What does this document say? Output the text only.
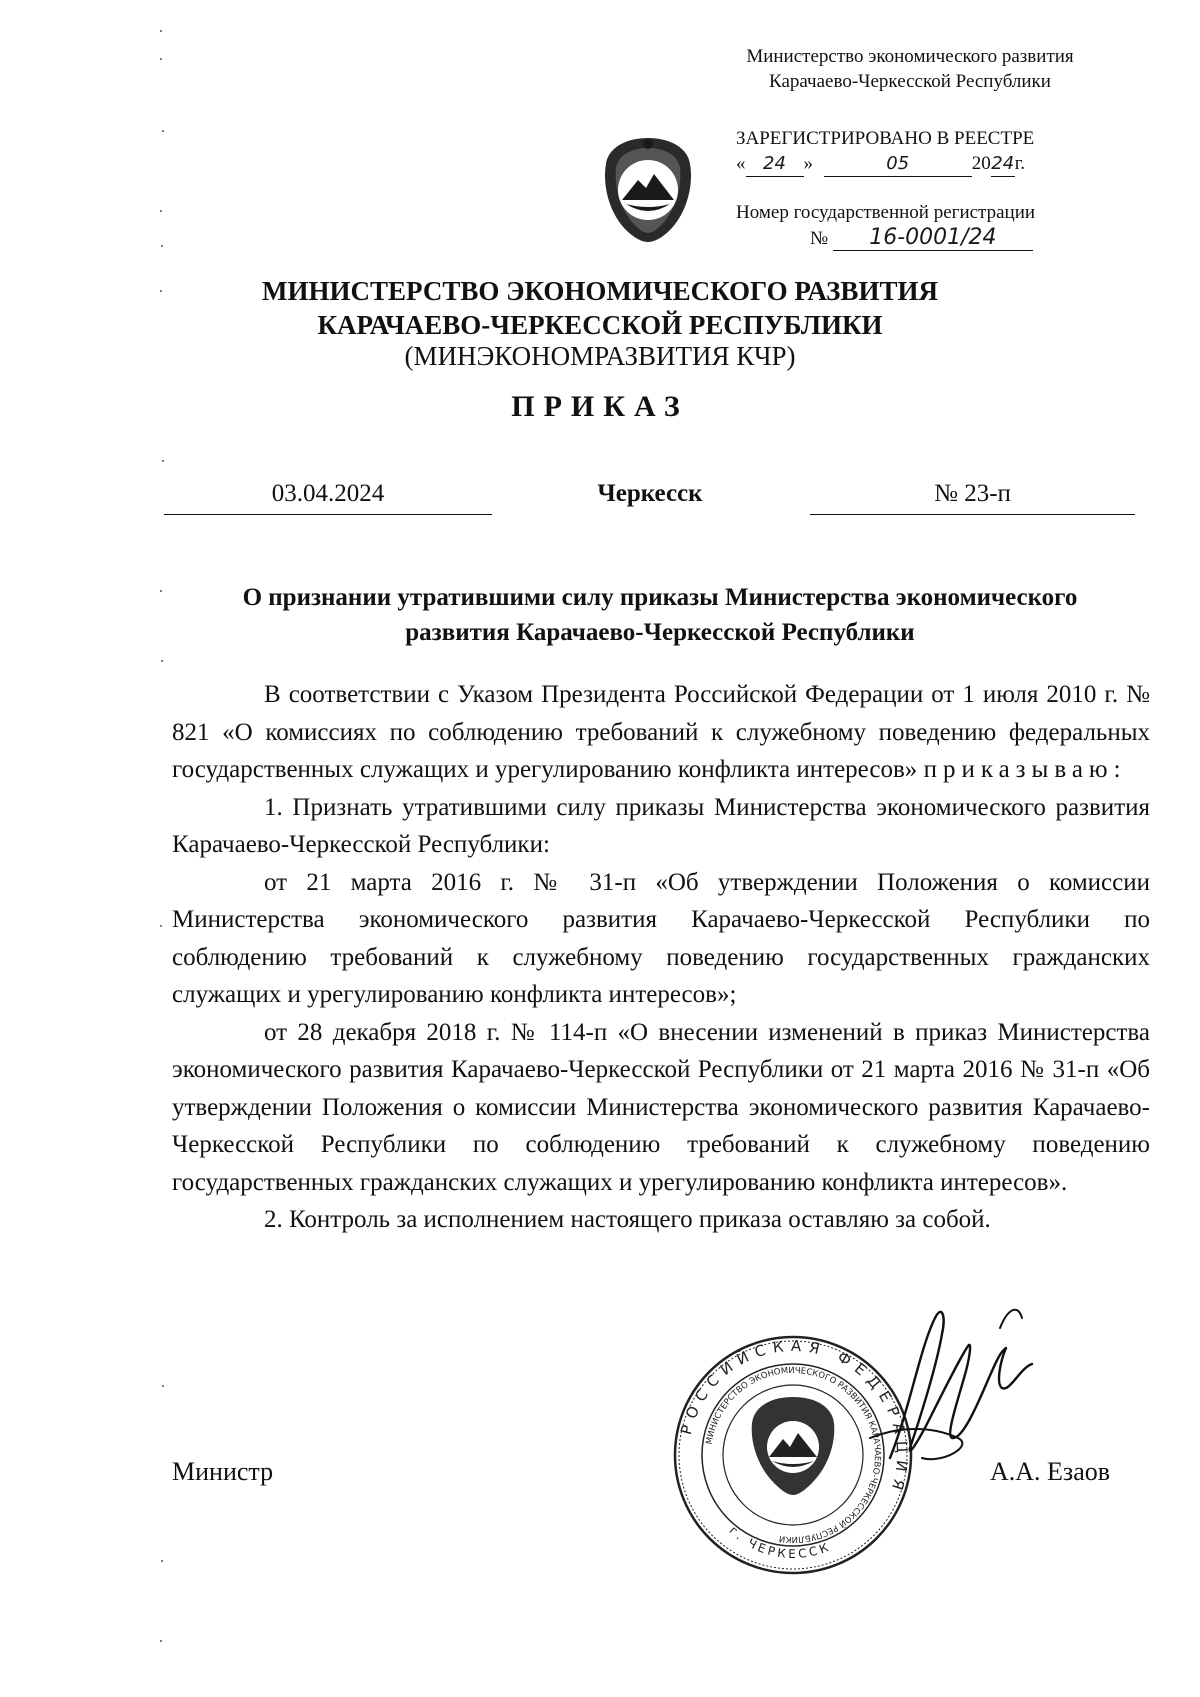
Министерство экономического развития
Карачаево-Черкесской Республики
ЗАРЕГИСТРИРОВАНО В РЕЕСТРЕ
« 24 »	05	2024г.
Номер государственной регистрации
№ 16-0001/24
МИНИСТЕРСТВО ЭКОНОМИЧЕСКОГО РАЗВИТИЯ
КАРАЧАЕВО-ЧЕРКЕССКОЙ РЕСПУБЛИКИ
(МИНЭКОНОМРАЗВИТИЯ КЧР)
ПРИКАЗ
03.04.2024	Черкесск	№ 23-п
О признании утратившими силу приказы Министерства экономического
развития Карачаево-Черкесской Республики

В соответствии с Указом Президента Российской Федерации от 1 июля 2010 г. № 821 «О комиссиях по соблюдению требований к служебному поведению федеральных государственных служащих и урегулированию конфликта интересов» приказываю:

1. Признать утратившими силу приказы Министерства экономического развития Карачаево-Черкесской Республики:

от 21 марта 2016 г. № 31-п «Об утверждении Положения о комиссии Министерства экономического развития Карачаево-Черкесской Республики по соблюдению требований к служебному поведению государственных гражданских служащих и урегулированию конфликта интересов»;

от 28 декабря 2018 г. № 114-п «О внесении изменений в приказ Министерства экономического развития Карачаево-Черкесской Республики от 21 марта 2016 № 31-п «Об утверждении Положения о комиссии Министерства экономического развития Карачаево-Черкесской Республики по соблюдению требований к служебному поведению государственных гражданских служащих и урегулированию конфликта интересов».

2. Контроль за исполнением настоящего приказа оставляю за собой.

Министр	А.А. Езаов
РОССИЙСКАЯ ФЕДЕРАЦИЯ
МИНИСТЕРСТВО ЭКОНОМИЧЕСКОГО РАЗВИТИЯ КАРАЧАЕВО-ЧЕРКЕССКОЙ РЕСПУБЛИКИ
г. ЧЕРКЕССК
